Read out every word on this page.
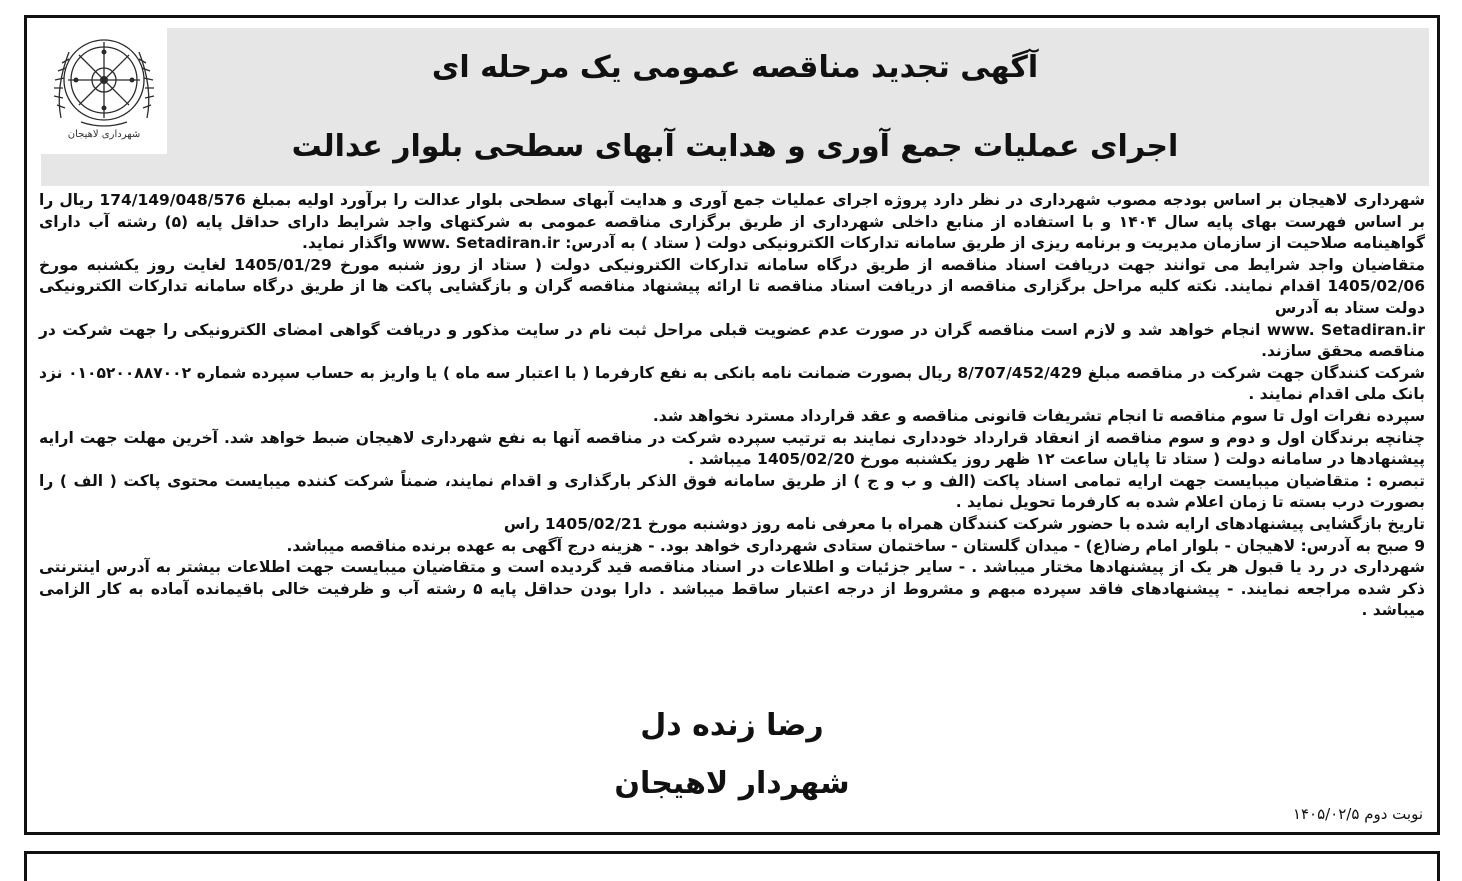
شهرداری لاهیجان
آگهی تجدید مناقصه عمومی یک مرحله ای
اجرای عملیات جمع آوری و هدایت آبهای سطحی بلوار عدالت

شهرداری لاهیجان بر اساس بودجه مصوب شهرداری در نظر دارد پروژه اجرای عملیات جمع آوری و هدایت آبهای سطحی بلوار عدالت را برآورد اولیه بمبلغ 174/149/048/576 ریال را بر اساس فهرست بهای پایه سال ۱۴۰۴ و با استفاده از منابع داخلی شهرداری از طریق برگزاری مناقصه عمومی به شرکتهای واجد شرایط دارای حداقل پایه (۵) رشته آب دارای گواهینامه صلاحیت از سازمان مدیریت و برنامه ریزی از طریق سامانه تدارکات الکترونیکی دولت ( ستاد ) به آدرس: www. Setadiran.ir واگذار نماید.

متقاضیان واجد شرایط می توانند جهت دریافت اسناد مناقصه از طریق درگاه سامانه تدارکات الکترونیکی دولت ( ستاد از روز شنبه مورخ 1405/01/29 لغایت روز یکشنبه مورخ 1405/02/06 اقدام نمایند. نکته کلیه مراحل برگزاری مناقصه از دریافت اسناد مناقصه تا ارائه پیشنهاد مناقصه گران و بازگشایی پاکت ها از طریق درگاه سامانه تدارکات الکترونیکی دولت ستاد به آدرس

www. Setadiran.ir انجام خواهد شد و لازم است مناقصه گران در صورت عدم عضویت قبلی مراحل ثبت نام در سایت مذکور و دریافت گواهی امضای الکترونیکی را جهت شرکت در مناقصه محقق سازند.

شرکت کنندگان جهت شرکت در مناقصه مبلغ 8/707/452/429 ریال بصورت ضمانت نامه بانکی به نفع کارفرما ( با اعتبار سه ماه ) یا واریز به حساب سپرده شماره ۰۱۰۵۲۰۰۸۸۷۰۰۲ نزد بانک ملی اقدام نمایند .

سپرده نفرات اول تا سوم مناقصه تا انجام تشریفات قانونی مناقصه و عقد قرارداد مسترد نخواهد شد.

چنانچه برندگان اول و دوم و سوم مناقصه از انعقاد قرارداد خودداری نمایند به ترتیب سپرده شرکت در مناقصه آنها به نفع شهرداری لاهیجان ضبط خواهد شد. آخرین مهلت جهت ارایه پیشنهادها در سامانه دولت ( ستاد تا پایان ساعت ۱۲ ظهر روز یکشنبه مورخ 1405/02/20 میباشد .

تبصره : متقاضیان میبایست جهت ارایه تمامی اسناد پاکت (الف و ب و ج ) از طریق سامانه فوق الذکر بارگذاری و اقدام نمایند، ضمناً شرکت کننده میبایست محتوی پاکت ( الف ) را بصورت درب بسته تا زمان اعلام شده به کارفرما تحویل نماید .

تاریخ بازگشایی پیشنهادهای ارایه شده با حضور شرکت کنندگان همراه با معرفی نامه روز دوشنبه مورخ 1405/02/21 راس

9 صبح به آدرس: لاهیجان - بلوار امام رضا(ع) - میدان گلستان - ساختمان ستادی شهرداری خواهد بود. - هزینه درج آگهی به عهده برنده مناقصه میباشد.

شهرداری در رد یا قبول هر یک از پیشنهادها مختار میباشد . - سایر جزئیات و اطلاعات در اسناد مناقصه قید گردیده است و متقاضیان میبایست جهت اطلاعات بیشتر به آدرس اینترنتی ذکر شده مراجعه نمایند. - پیشنهادهای فاقد سپرده مبهم و مشروط از درجه اعتبار ساقط میباشد . دارا بودن حداقل پایه ۵ رشته آب و ظرفیت خالی باقیمانده آماده به کار الزامی میباشد .

رضا زنده دل
شهردار لاهیجان
نوبت دوم ۱۴۰۵/۰۲/۵
